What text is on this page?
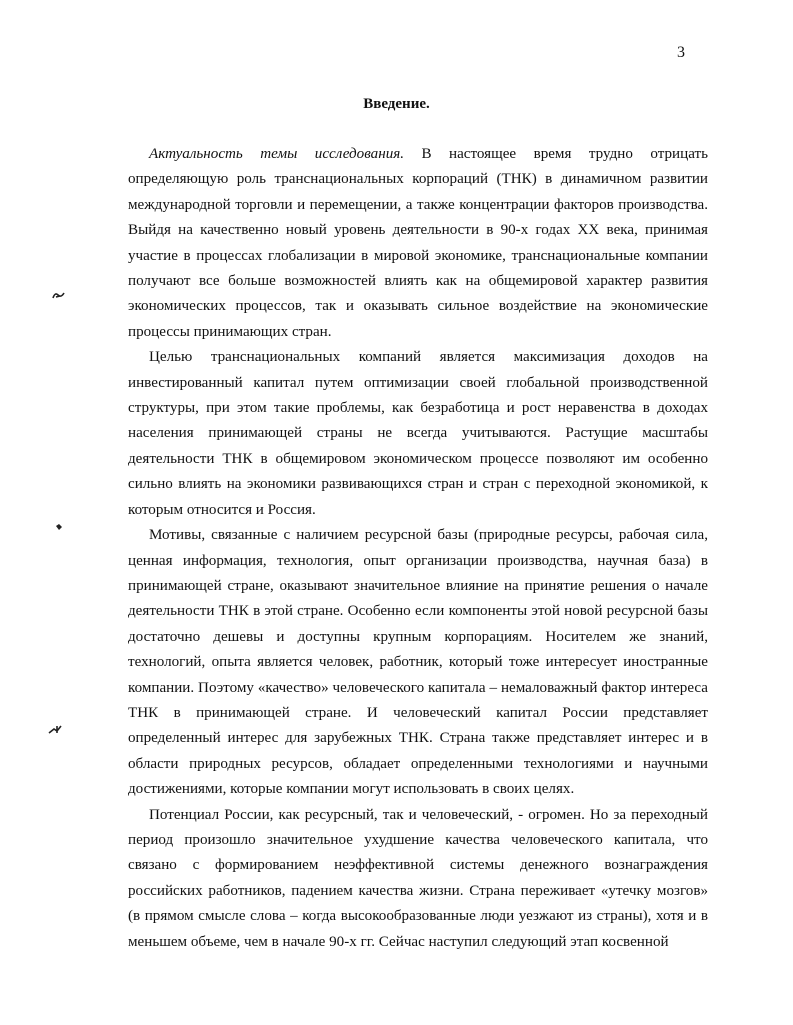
3
Введение.

Актуальность темы исследования. В настоящее время трудно отрицать определяющую роль транснациональных корпораций (ТНК) в динамичном развитии международной торговли и перемещении, а также концентрации факторов производства. Выйдя на качественно новый уровень деятельности в 90-х годах XX века, принимая участие в процессах глобализации в мировой экономике, транснациональные компании получают все больше возможностей влиять как на общемировой характер развития экономических процессов, так и оказывать сильное воздействие на экономические процессы принимающих стран.

Целью транснациональных компаний является максимизация доходов на инвестированный капитал путем оптимизации своей глобальной производственной структуры, при этом такие проблемы, как безработица и рост неравенства в доходах населения принимающей страны не всегда учитываются. Растущие масштабы деятельности ТНК в общемировом экономическом процессе позволяют им особенно сильно влиять на экономики развивающихся стран и стран с переходной экономикой, к которым относится и Россия.

Мотивы, связанные с наличием ресурсной базы (природные ресурсы, рабочая сила, ценная информация, технология, опыт организации производства, научная база) в принимающей стране, оказывают значительное влияние на принятие решения о начале деятельности ТНК в этой стране. Особенно если компоненты этой новой ресурсной базы достаточно дешевы и доступны крупным корпорациям. Носителем же знаний, технологий, опыта является человек, работник, который тоже интересует иностранные компании. Поэтому «качество» человеческого капитала – немаловажный фактор интереса ТНК в принимающей стране. И человеческий капитал России представляет определенный интерес для зарубежных ТНК. Страна также представляет интерес и в области природных ресурсов, обладает определенными технологиями и научными достижениями, которые компании могут использовать в своих целях.

Потенциал России, как ресурсный, так и человеческий, - огромен. Но за переходный период произошло значительное ухудшение качества человеческого капитала, что связано с формированием неэффективной системы денежного вознаграждения российских работников, падением качества жизни. Страна переживает «утечку мозгов» (в прямом смысле слова – когда высокообразованные люди уезжают из страны), хотя и в меньшем объеме, чем в начале 90-х гг. Сейчас наступил следующий этап косвенной
